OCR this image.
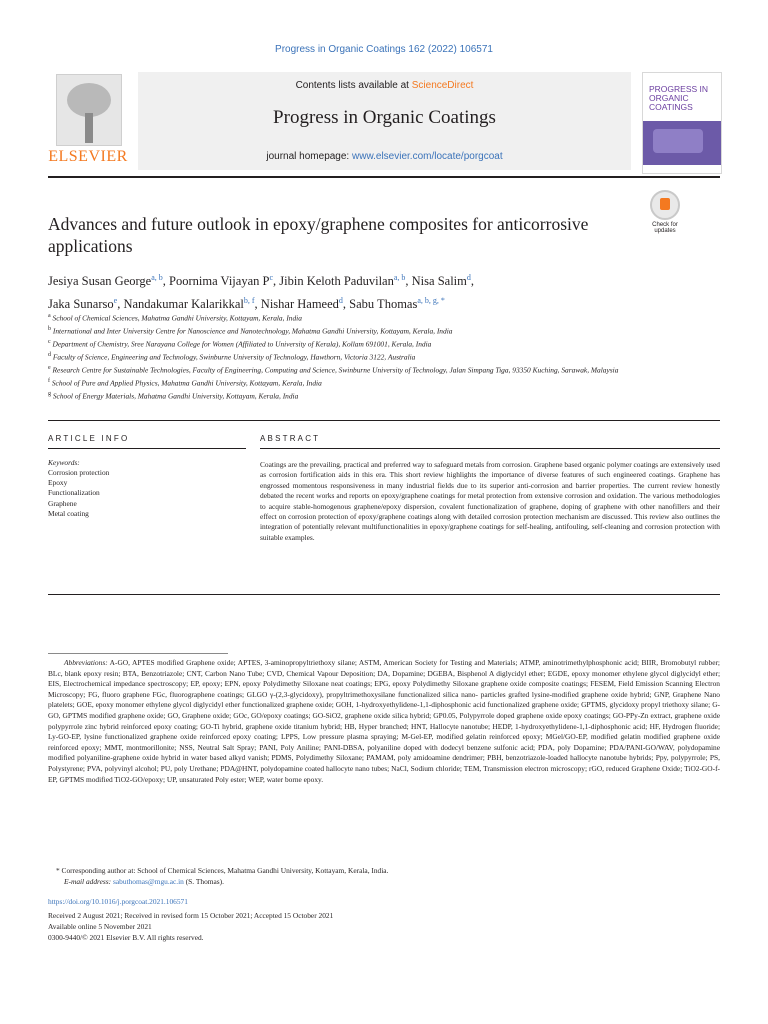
Progress in Organic Coatings 162 (2022) 106571
ELSEVIER
Contents lists available at ScienceDirect
Progress in Organic Coatings
journal homepage: www.elsevier.com/locate/porgcoat
PROGRESS IN ORGANIC COATINGS
Advances and future outlook in epoxy/graphene composites for anticorrosive applications
Check for updates
Jesiya Susan George$^{a, b}$, Poornima Vijayan $P^c$, Jibin Keloth Paduvilan$^{a, b}$, Nisa Salim$^d$,
Jaka Sunarso$^e$, Nandakumar Kalarikkal$^{b, f}$, Nishar Hameed$^d$, Sabu Thomas$^{a, b, g, *}$
$^a$ School of Chemical Sciences, Mahatma Gandhi University, Kottayam, Kerala, India
$^b$ International and Inter University Centre for Nanoscience and Nanotechnology, Mahatma Gandhi University, Kottayam, Kerala, India
$^c$ Department of Chemistry, Sree Narayana College for Women (Affiliated to University of Kerala), Kollam 691001, Kerala, India
$^d$ Faculty of Science, Engineering and Technology, Swinburne University of Technology, Hawthorn, Victoria 3122, Australia
$^e$ Research Centre for Sustainable Technologies, Faculty of Engineering, Computing and Science, Swinburne University of Technology, Jalan Simpang Tiga, 93350 Kuching, Sarawak, Malaysia
$^f$ School of Pure and Applied Physics, Mahatma Gandhi University, Kottayam, Kerala, India
$^g$ School of Energy Materials, Mahatma Gandhi University, Kottayam, Kerala, India
ARTICLE INFO
Keywords:
Corrosion protection
Epoxy
Functionalization
Graphene
Metal coating
ABSTRACT
Coatings are the prevailing, practical and preferred way to safeguard metals from corrosion. Graphene based organic polymer coatings are extensively used as corrosion fortification aids in this era. This short review highlights the importance of diverse features of such engineered coatings. Graphene has engrossed momentous responsiveness in many industrial fields due to its superior anti-corrosion and barrier properties. The current review honestly debated the recent works and reports on epoxy/graphene coatings for metal protection from extensive corrosion and oxidation. The various methodologies to acquire stable-homogenous graphene/epoxy dispersion, covalent functionalization of graphene, doping of graphene with other nanofillers and their effect on corrosion protection of epoxy/graphene coatings along with detailed corrosion protection mechanism are discussed. This review also outlines the integration of potentially relevant multifunctionalities in epoxy/graphene coatings for self-healing, antifouling, self-cleaning and corrosion protection with suitable examples.
Abbreviations: A-GO, APTES modified Graphene oxide; APTES, 3-aminopropyltriethoxy silane; ASTM, American Society for Testing and Materials; ATMP, aminotrimethylphosphonic acid; BIIR, Bromobutyl rubber; BLc, blank epoxy resin; BTA, Benzotriazole; CNT, Carbon Nano Tube; CVD, Chemical Vapour Deposition; DA, Dopamine; DGEBA, Bisphenol A diglycidyl ether; EGDE, epoxy monomer ethylene glycol diglycidyl ether; EIS, Electrochemical impedance spectroscopy; EP, epoxy; EPN, epoxy Polydimethy Siloxane neat coatings; EPG, epoxy Polydimethy Siloxane graphene oxide composite coatings; FESEM, Field Emission Scanning Electron Microscopy; FG, fluoro graphene FGc, fluorographene coatings; GLGO γ-(2,3-glycidoxy), propyltrimethoxysilane functionalized silica nano- particles grafted lysine-modified graphene oxide hybrid; GNP, Graphene Nano platelets; GOE, epoxy monomer ethylene glycol diglycidyl ether functionalized graphene oxide; GOH, 1-hydroxyethylidene-1,1-diphosphonic acid functionalized graphene oxide; GPTMS, glycidoxy propyl triethoxy silane; G-GO, GPTMS modified graphene oxide; GO, Graphene oxide; GOc, GO/epoxy coatings; GO-SiO2, graphene oxide silica hybrid; GP0.05, Polypyrrole doped graphene oxide epoxy coatings; GO-PPy-Zn extract, graphene oxide polypyrrole zinc hybrid reinforced epoxy coating; GO-Ti hybrid, graphene oxide titanium hybrid; HB, Hyper branched; HNT, Hallocyte nanotube; HEDP, 1-hydroxyethylidene-1,1-diphosphonic acid; HF, Hydrogen fluoride; Ly-GO-EP, lysine functionalized graphene oxide reinforced epoxy coating; LPPS, Low pressure plasma spraying; M-Gel-EP, modified gelatin reinforced epoxy; MGel/GO-EP, modified gelatin modified graphene oxide reinforced epoxy; MMT, montmorillonite; NSS, Neutral Salt Spray; PANI, Poly Aniline; PANI-DBSA, polyaniline doped with dodecyl benzene sulfonic acid; PDA, poly Dopamine; PDA/PANI-GO/WAV, polydopamine modified polyaniline-graphene oxide hybrid in water based alkyd vanish; PDMS, Polydimethy Siloxane; PAMAM, poly amidoamine dendrimer; PBH, benzotriazole-loaded hallocyte nanotube hybrids; Ppy, polypyrrole; PS, Polystyrene; PVA, polyvinyl alcohol; PU, poly Urethane; PDA@HNT, polydopamine coated hallocyte nano tubes; NaCl, Sodium chloride; TEM, Transmission electron microscopy; rGO, reduced Graphene Oxide; TiO2-GO-f-EP, GPTMS modified TiO2-GO/epoxy; UP, unsaturated Poly ester; WEP, water borne epoxy.
* Corresponding author at: School of Chemical Sciences, Mahatma Gandhi University, Kottayam, Kerala, India.
E-mail address: sabuthomas@mgu.ac.in (S. Thomas).
https://doi.org/10.1016/j.porgcoat.2021.106571
Received 2 August 2021; Received in revised form 15 October 2021; Accepted 15 October 2021
Available online 5 November 2021
0300-9440/© 2021 Elsevier B.V. All rights reserved.
